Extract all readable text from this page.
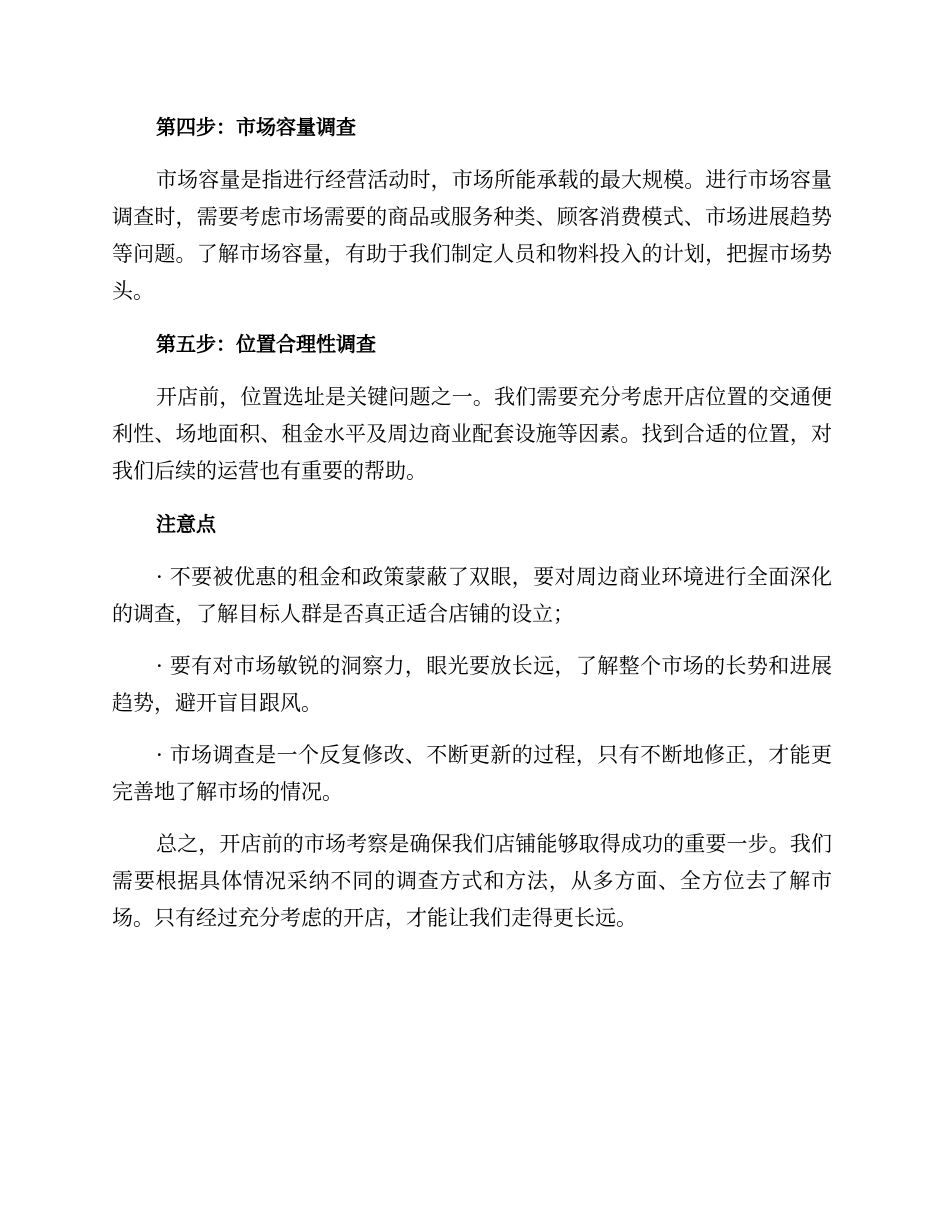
第四步：市场容量调查

市场容量是指进行经营活动时，市场所能承载的最大规模。进行市场容量调查时，需要考虑市场需要的商品或服务种类、顾客消费模式、市场进展趋势等问题。了解市场容量，有助于我们制定人员和物料投入的计划，把握市场势头。

第五步：位置合理性调查

开店前，位置选址是关键问题之一。我们需要充分考虑开店位置的交通便利性、场地面积、租金水平及周边商业配套设施等因素。找到合适的位置，对我们后续的运营也有重要的帮助。

注意点

· 不要被优惠的租金和政策蒙蔽了双眼，要对周边商业环境进行全面深化的调查，了解目标人群是否真正适合店铺的设立；

· 要有对市场敏锐的洞察力，眼光要放长远，了解整个市场的长势和进展趋势，避开盲目跟风。

· 市场调查是一个反复修改、不断更新的过程，只有不断地修正，才能更完善地了解市场的情况。

总之，开店前的市场考察是确保我们店铺能够取得成功的重要一步。我们需要根据具体情况采纳不同的调查方式和方法，从多方面、全方位去了解市场。只有经过充分考虑的开店，才能让我们走得更长远。
